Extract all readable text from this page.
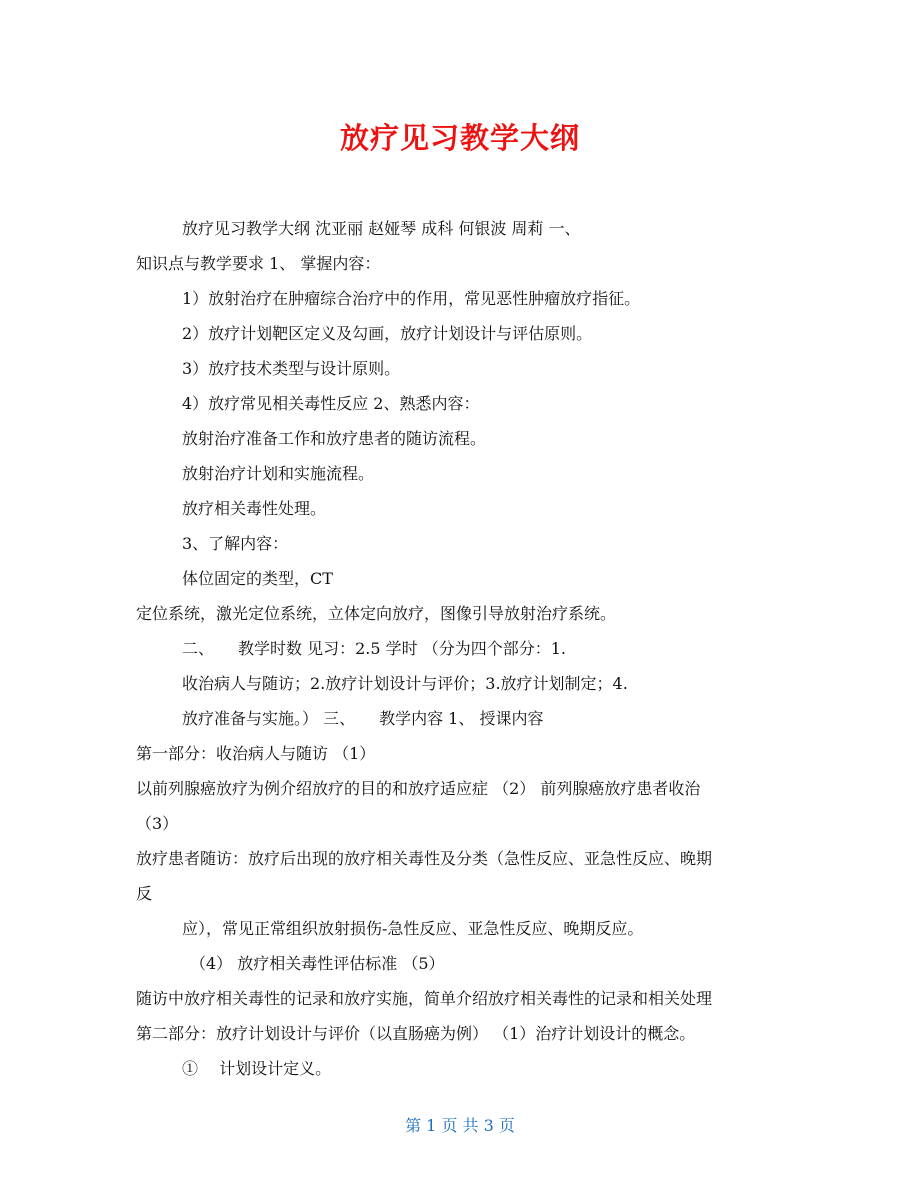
放疗见习教学大纲

放疗见习教学大纲 沈亚丽 赵娅琴 成科 何银波 周莉 一、

知识点与教学要求 1、 掌握内容：

1）放射治疗在肿瘤综合治疗中的作用，常见恶性肿瘤放疗指征。

2）放疗计划靶区定义及勾画，放疗计划设计与评估原则。

3）放疗技术类型与设计原则。

4）放疗常见相关毒性反应 2、熟悉内容：

放射治疗准备工作和放疗患者的随访流程。

放射治疗计划和实施流程。

放疗相关毒性处理。

3、了解内容：

体位固定的类型，CT

定位系统，激光定位系统，立体定向放疗，图像引导放射治疗系统。

二、　　教学时数 见习：2.5 学时 （分为四个部分：1.

收治病人与随访；2.放疗计划设计与评价；3.放疗计划制定；4.

放疗准备与实施。） 三、　　教学内容 1、 授课内容

第一部分：收治病人与随访 （1）

以前列腺癌放疗为例介绍放疗的目的和放疗适应症 （2） 前列腺癌放疗患者收治

（3）

放疗患者随访：放疗后出现的放疗相关毒性及分类（急性反应、亚急性反应、晚期

反

应），常见正常组织放射损伤-急性反应、亚急性反应、晚期反应。

（4） 放疗相关毒性评估标准 （5）

随访中放疗相关毒性的记录和放疗实施，简单介绍放疗相关毒性的记录和相关处理

第二部分：放疗计划设计与评价（以直肠癌为例） （1）治疗计划设计的概念。

①　 计划设计定义。

第 1 页 共 3 页
